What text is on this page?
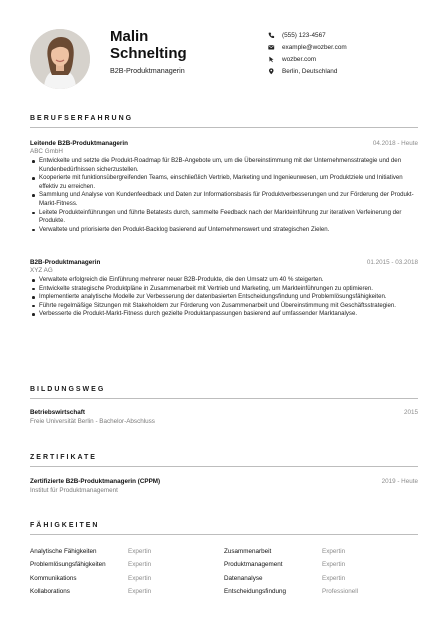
Malin
Schnelting
B2B-Produktmanagerin
(555) 123-4567
example@wozber.com
wozber.com
Berlin, Deutschland
BERUFSERFAHRUNG
Leitende B2B-Produktmanagerin	04.2018 - Heute
ABC GmbH
Entwickelte und setzte die Produkt-Roadmap für B2B-Angebote um, um die Übereinstimmung mit der Unternehmensstrategie und den Kundenbedürfnissen sicherzustellen.
Kooperierte mit funktionsübergreifenden Teams, einschließlich Vertrieb, Marketing und Ingenieurwesen, um Produktziele und Initiativen effektiv zu erreichen.
Sammlung und Analyse von Kundenfeedback und Daten zur Informationsbasis für Produktverbesserungen und zur Förderung der Produkt-Markt-Fitness.
Leitete Produkteinführungen und führte Betatests durch, sammelte Feedback nach der Markteinführung zur iterativen Verfeinerung der Produkte.
Verwaltete und priorisierte den Produkt-Backlog basierend auf Unternehmenswert und strategischen Zielen.
B2B-Produktmanagerin	01.2015 - 03.2018
XYZ AG
Verwaltete erfolgreich die Einführung mehrerer neuer B2B-Produkte, die den Umsatz um 40 % steigerten.
Entwickelte strategische Produktpläne in Zusammenarbeit mit Vertrieb und Marketing, um Markteinführungen zu optimieren.
Implementierte analytische Modelle zur Verbesserung der datenbasierten Entscheidungsfindung und Problemlösungsfähigkeiten.
Führte regelmäßige Sitzungen mit Stakeholdern zur Förderung von Zusammenarbeit und Übereinstimmung mit Geschäftsstrategien.
Verbesserte die Produkt-Markt-Fitness durch gezielte Produktanpassungen basierend auf umfassender Marktanalyse.
BILDUNGSWEG
Betriebswirtschaft	2015
Freie Universität Berlin - Bachelor-Abschluss
ZERTIFIKATE
Zertifizierte B2B-Produktmanagerin (CPPM)	2019 - Heute
Institut für Produktmanagement
FÄHIGKEITEN
Analytische Fähigkeiten	Expertin	Zusammenarbeit	Expertin
Problemlösungsfähigkeiten	Expertin	Produktmanagement	Expertin
Kommunikations	Expertin	Datenanalyse	Expertin
Kollaborations	Expertin	Entscheidungsfindung	Professionell
